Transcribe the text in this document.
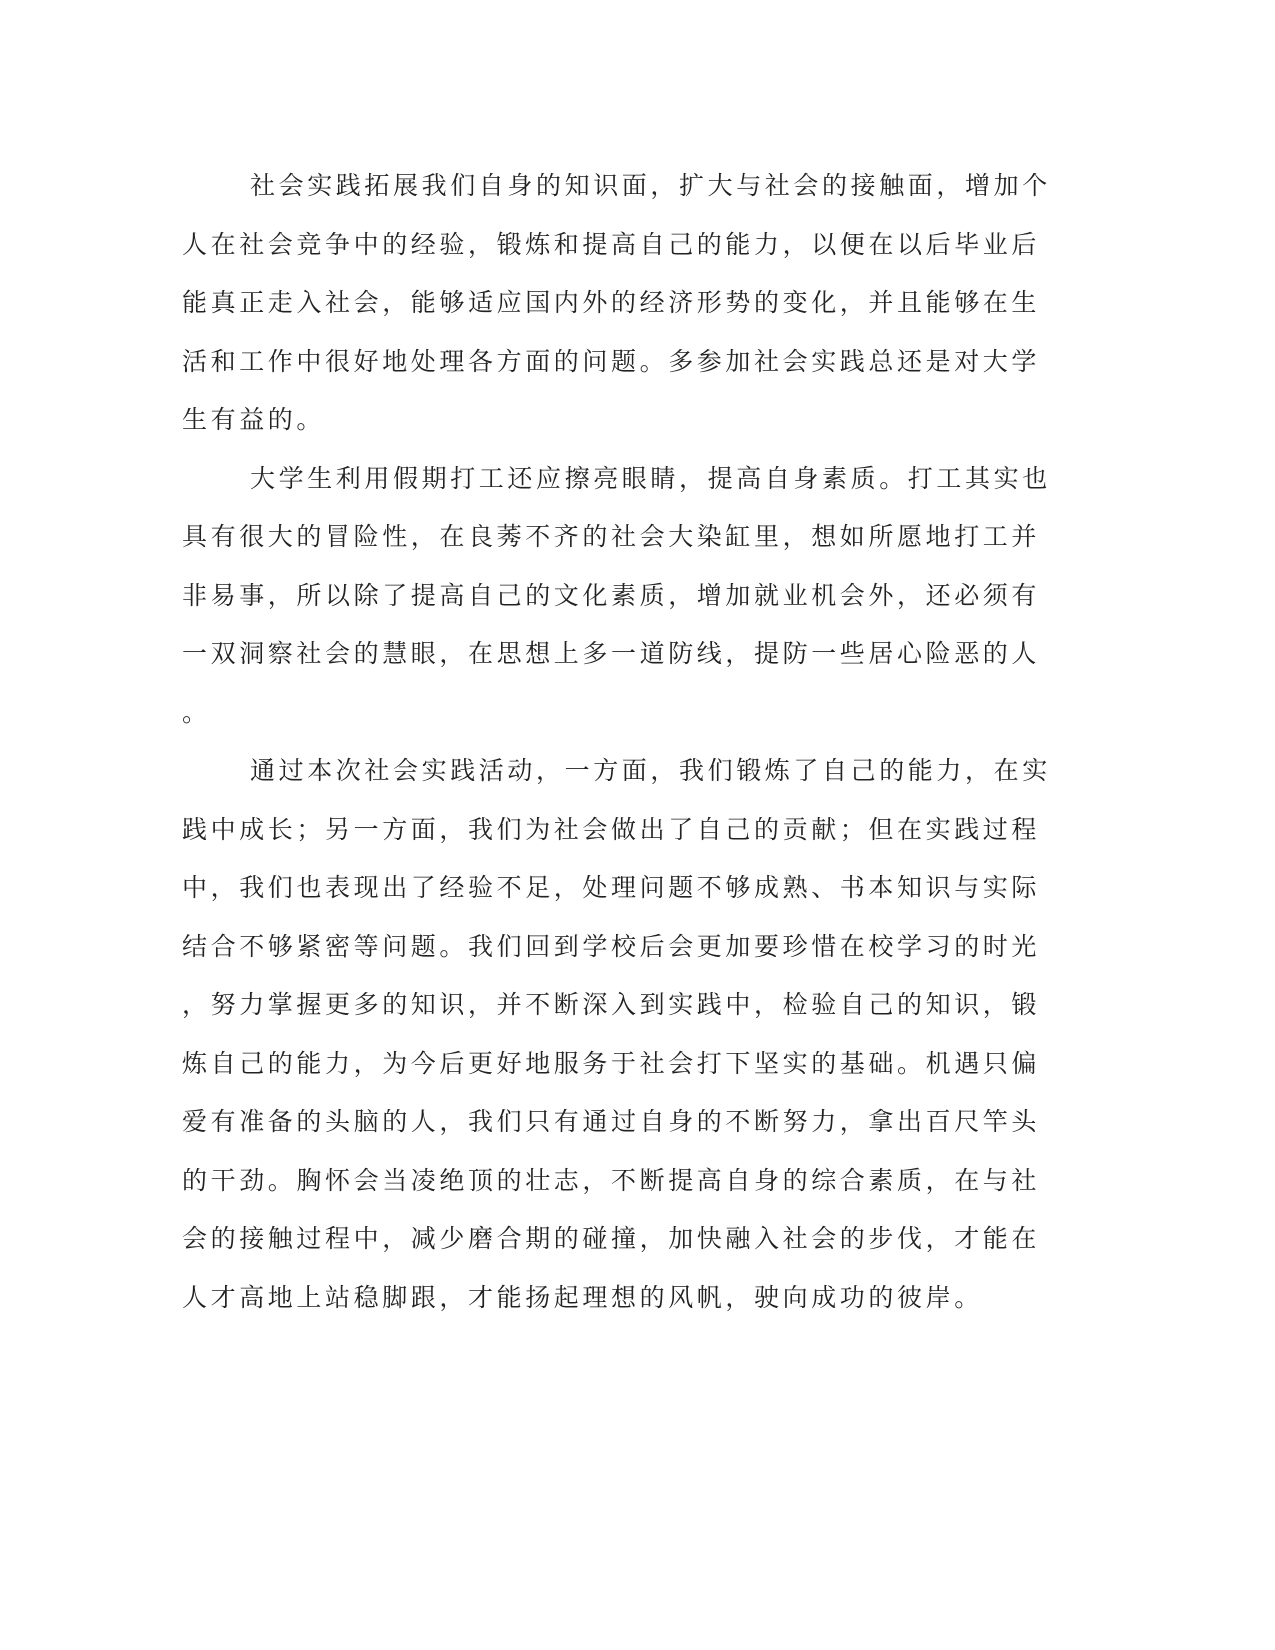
社会实践拓展我们自身的知识面，扩大与社会的接触面，增加个
人在社会竞争中的经验，锻炼和提高自己的能力，以便在以后毕业后
能真正走入社会，能够适应国内外的经济形势的变化，并且能够在生
活和工作中很好地处理各方面的问题。多参加社会实践总还是对大学
生有益的。
大学生利用假期打工还应擦亮眼睛，提高自身素质。打工其实也
具有很大的冒险性，在良莠不齐的社会大染缸里，想如所愿地打工并
非易事，所以除了提高自己的文化素质，增加就业机会外，还必须有
一双洞察社会的慧眼，在思想上多一道防线，提防一些居心险恶的人
。
通过本次社会实践活动，一方面，我们锻炼了自己的能力，在实
践中成长；另一方面，我们为社会做出了自己的贡献；但在实践过程
中，我们也表现出了经验不足，处理问题不够成熟、书本知识与实际
结合不够紧密等问题。我们回到学校后会更加要珍惜在校学习的时光
，努力掌握更多的知识，并不断深入到实践中，检验自己的知识，锻
炼自己的能力，为今后更好地服务于社会打下坚实的基础。机遇只偏
爱有准备的头脑的人，我们只有通过自身的不断努力，拿出百尺竿头
的干劲。胸怀会当凌绝顶的壮志，不断提高自身的综合素质，在与社
会的接触过程中，减少磨合期的碰撞，加快融入社会的步伐，才能在
人才高地上站稳脚跟，才能扬起理想的风帆，驶向成功的彼岸。
